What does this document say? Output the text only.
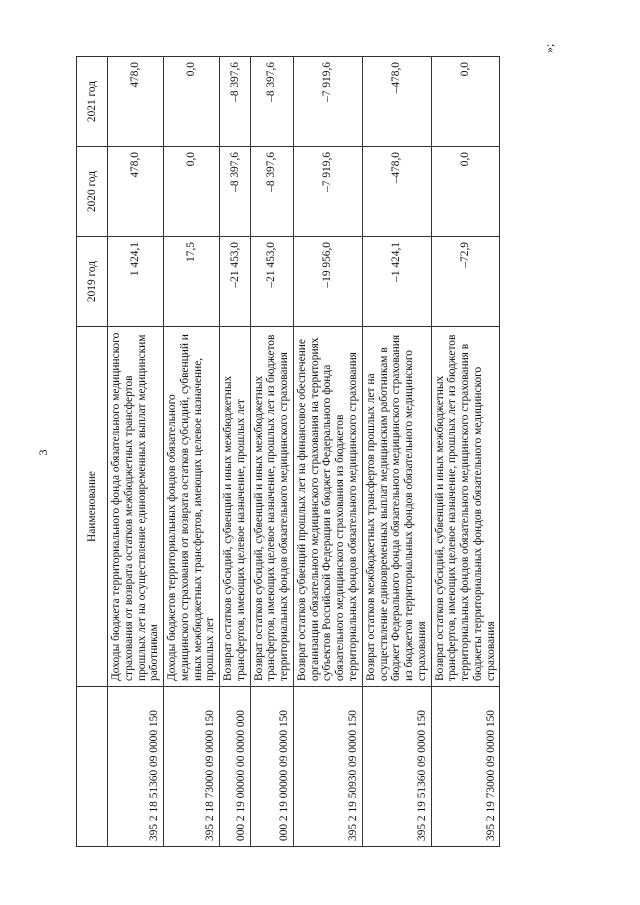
3
	Наименование	2019 год	2020 год	2021 год
395 2 18 51360 09 0000 150	Доходы бюджета территориального фонда обязательного медицинского страхования от возврата остатков межбюджетных трансфертов прошлых лет на осуществление единовременных выплат медицинским работникам	1 424,1	478,0	478,0
395 2 18 73000 09 0000 150	Доходы бюджетов территориальных фондов обязательного медицинского страхования от возврата остатков субсидий, субвенций и иных межбюджетных трансфертов, имеющих целевое назначение, прошлых лет	17,5	0,0	0,0
000 2 19 00000 00 0000 000	Возврат остатков субсидий, субвенций и иных межбюджетных трансфертов, имеющих целевое назначение, прошлых лет	–21 453,0	–8 397,6	–8 397,6
000 2 19 00000 09 0000 150	Возврат остатков субсидий, субвенций и иных межбюджетных трансфертов, имеющих целевое назначение, прошлых лет из бюджетов территориальных фондов обязательного медицинского страхования	–21 453,0	–8 397,6	–8 397,6
395 2 19 50930 09 0000 150	Возврат остатков субвенций прошлых лет на финансовое обеспечение организации обязательного медицинского страхования на территориях субъектов Российской Федерации в бюджет Федерального фонда обязательного медицинского страхования из бюджетов территориальных фондов обязательного медицинского страхования	–19 956,0	–7 919,6	–7 919,6
395 2 19 51360 09 0000 150	Возврат остатков межбюджетных трансфертов прошлых лет на осуществление единовременных выплат медицинским работникам в бюджет Федерального фонда обязательного медицинского страхования из бюджетов территориальных фондов обязательного медицинского страхования	–1 424,1	–478,0	–478,0
395 2 19 73000 09 0000 150	Возврат остатков субсидий, субвенций и иных межбюджетных трансфертов, имеющих целевое назначение, прошлых лет из бюджетов территориальных фондов обязательного медицинского страхования в бюджеты территориальных фондов обязательного медицинского страхования	–72,9	0,0	0,0
»;
